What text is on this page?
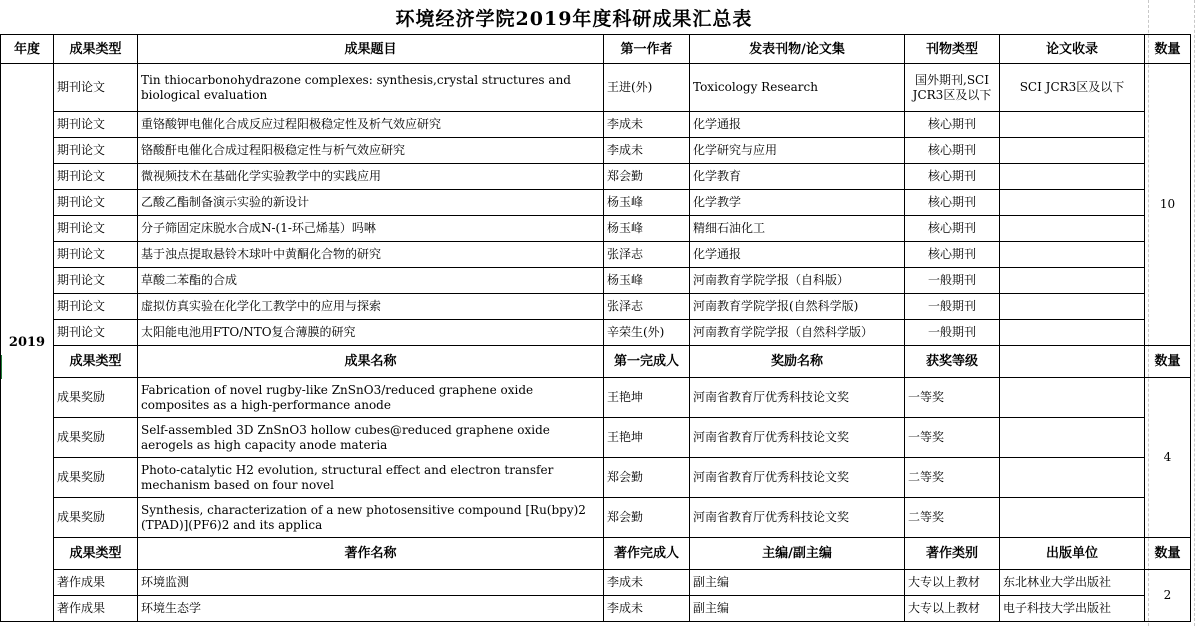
环境经济学院2019年度科研成果汇总表
年度	成果类型	成果题目	第一作者	发表刊物/论文集	刊物类型	论文收录	数量
2019	期刊论文	Tin thiocarbonohydrazone complexes: synthesis,crystal structures and biological evaluation	王进(外)	Toxicology Research	国外期刊,SCI JCR3区及以下	SCI JCR3区及以下	10
	期刊论文	重铬酸钾电催化合成反应过程阳极稳定性及析气效应研究	李成未	化学通报	核心期刊		
	期刊论文	铬酸酐电催化合成过程阳极稳定性与析气效应研究	李成未	化学研究与应用	核心期刊		
	期刊论文	微视频技术在基础化学实验教学中的实践应用	郑会勤	化学教育	核心期刊		
	期刊论文	乙酸乙酯制备演示实验的新设计	杨玉峰	化学教学	核心期刊		
	期刊论文	分子筛固定床脱水合成N-(1-环己烯基）吗啉	杨玉峰	精细石油化工	核心期刊		
	期刊论文	基于浊点提取悬铃木球叶中黄酮化合物的研究	张泽志	化学通报	核心期刊		
	期刊论文	草酸二苯酯的合成	杨玉峰	河南教育学院学报（自科版）	一般期刊		
	期刊论文	虚拟仿真实验在化学化工教学中的应用与探索	张泽志	河南教育学院学报(自然科学版)	一般期刊		
	期刊论文	太阳能电池用FTO/NTO复合薄膜的研究	辛荣生(外)	河南教育学院学报（自然科学版）	一般期刊		
	成果类型	成果名称	第一完成人	奖励名称	获奖等级		数量
	成果奖励	Fabrication of novel rugby-like ZnSnO3/reduced graphene oxide composites as a high-performance anode	王艳坤	河南省教育厅优秀科技论文奖	一等奖		4
	成果奖励	Self-assembled 3D ZnSnO3 hollow cubes@reduced graphene oxide aerogels as high capacity anode materia	王艳坤	河南省教育厅优秀科技论文奖	一等奖		
	成果奖励	Photo-catalytic H2 evolution, structural effect and electron transfer mechanism based on four novel	郑会勤	河南省教育厅优秀科技论文奖	二等奖		
	成果奖励	Synthesis, characterization of a new photosensitive compound [Ru(bpy)2 (TPAD)](PF6)2 and its applica	郑会勤	河南省教育厅优秀科技论文奖	二等奖		
	成果类型	著作名称	著作完成人	主编/副主编	著作类别	出版单位	数量
	著作成果	环境监测	李成未	副主编	大专以上教材	东北林业大学出版社	2
	著作成果	环境生态学	李成未	副主编	大专以上教材	电子科技大学出版社	
